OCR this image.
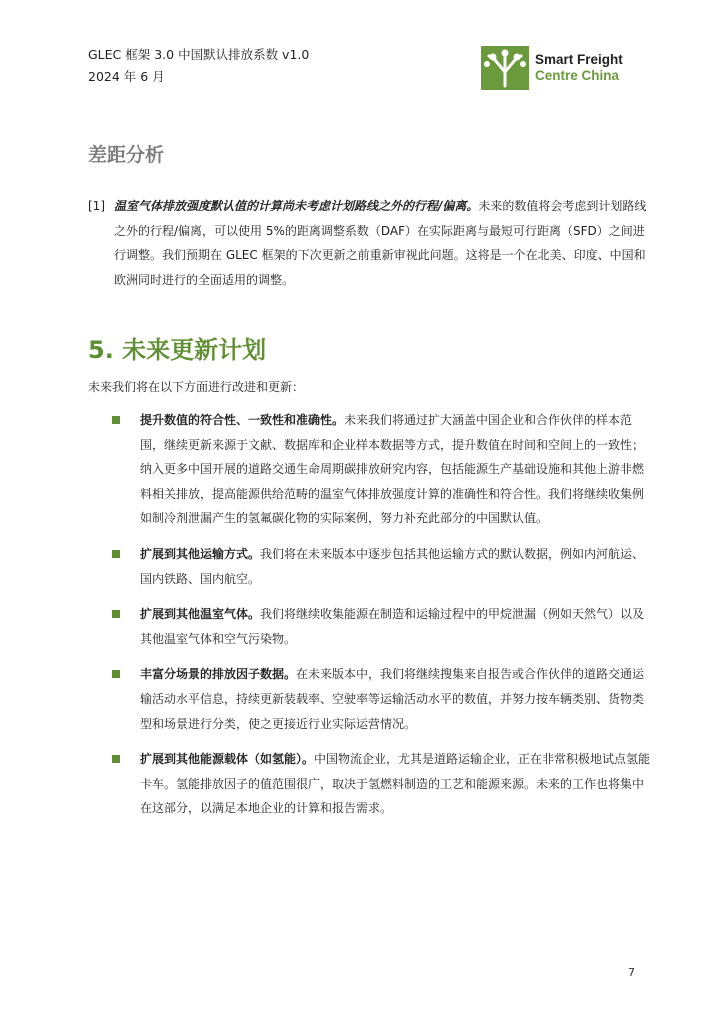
GLEC 框架 3.0 中国默认排放系数 v1.0
2024 年 6 月
Smart Freight
Centre China
差距分析
[1] 温室气体排放强度默认值的计算尚未考虑计划路线之外的行程/偏离。未来的数值将会考虑到计划路线之外的行程/偏离，可以使用 5%的距离调整系数（DAF）在实际距离与最短可行距离（SFD）之间进行调整。我们预期在 GLEC 框架的下次更新之前重新审视此问题。这将是一个在北美、印度、中国和欧洲同时进行的全面适用的调整。
5. 未来更新计划
未来我们将在以下方面进行改进和更新：
提升数值的符合性、一致性和准确性。未来我们将通过扩大涵盖中国企业和合作伙伴的样本范围，继续更新来源于文献、数据库和企业样本数据等方式，提升数值在时间和空间上的一致性；纳入更多中国开展的道路交通生命周期碳排放研究内容，包括能源生产基础设施和其他上游非燃料相关排放，提高能源供给范畴的温室气体排放强度计算的准确性和符合性。我们将继续收集例如制冷剂泄漏产生的氢氟碳化物的实际案例，努力补充此部分的中国默认值。
扩展到其他运输方式。我们将在未来版本中逐步包括其他运输方式的默认数据，例如内河航运、国内铁路、国内航空。
扩展到其他温室气体。我们将继续收集能源在制造和运输过程中的甲烷泄漏（例如天然气）以及其他温室气体和空气污染物。
丰富分场景的排放因子数据。在未来版本中，我们将继续搜集来自报告或合作伙伴的道路交通运输活动水平信息，持续更新装载率、空驶率等运输活动水平的数值，并努力按车辆类别、货物类型和场景进行分类，使之更接近行业实际运营情况。
扩展到其他能源载体（如氢能）。中国物流企业，尤其是道路运输企业，正在非常积极地试点氢能卡车。氢能排放因子的值范围很广，取决于氢燃料制造的工艺和能源来源。未来的工作也将集中在这部分，以满足本地企业的计算和报告需求。
7
